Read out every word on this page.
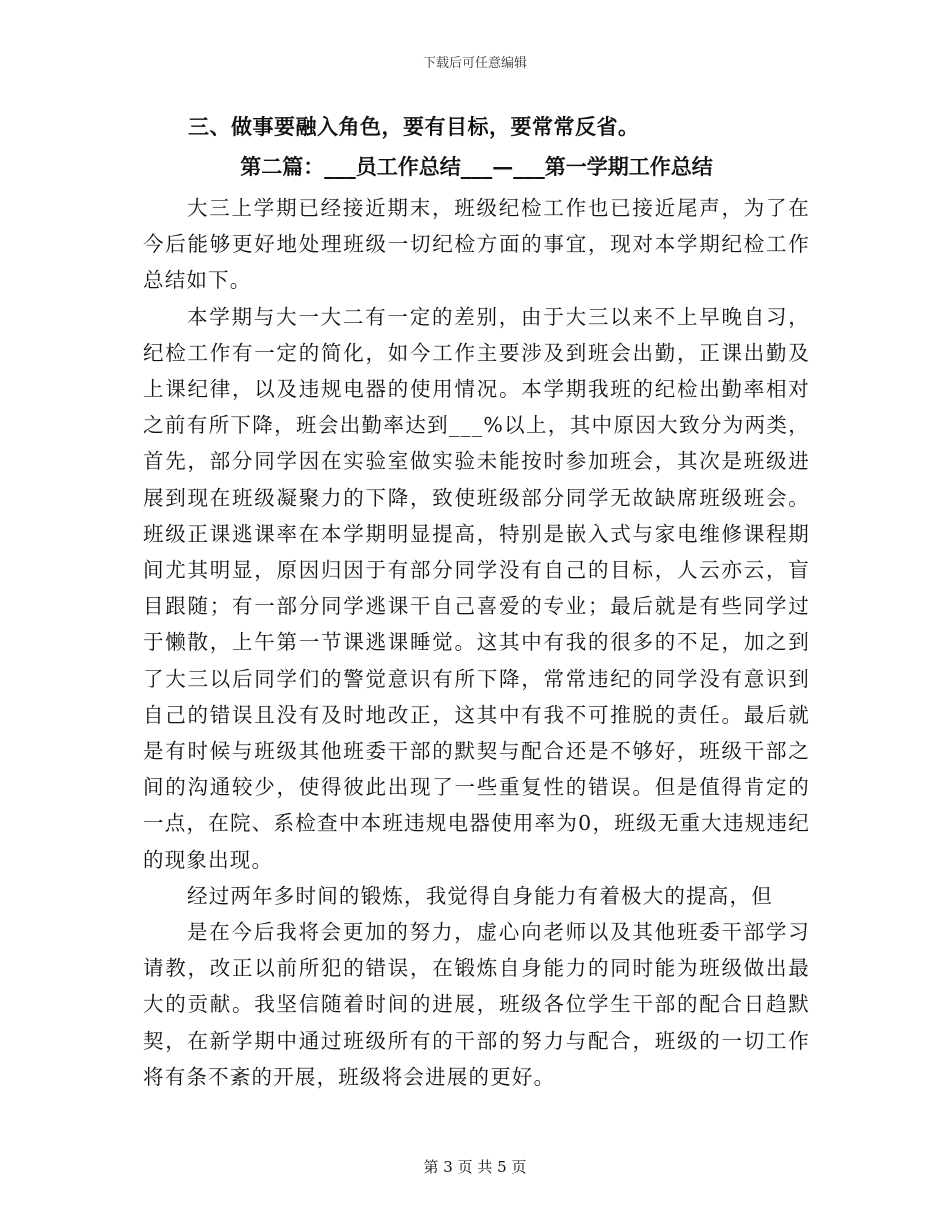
下载后可任意编辑
三、做事要融入角色，要有目标，要常常反省。
第二篇：___员工作总结___—___第一学期工作总结

大三上学期已经接近期末，班级纪检工作也已接近尾声，为了在今后能够更好地处理班级一切纪检方面的事宜，现对本学期纪检工作总结如下。

本学期与大一大二有一定的差别，由于大三以来不上早晚自习，纪检工作有一定的简化，如今工作主要涉及到班会出勤，正课出勤及上课纪律，以及违规电器的使用情况。本学期我班的纪检出勤率相对之前有所下降，班会出勤率达到___%以上，其中原因大致分为两类，首先，部分同学因在实验室做实验未能按时参加班会，其次是班级进展到现在班级凝聚力的下降，致使班级部分同学无故缺席班级班会。班级正课逃课率在本学期明显提高，特别是嵌入式与家电维修课程期间尤其明显，原因归因于有部分同学没有自己的目标，人云亦云，盲目跟随；有一部分同学逃课干自己喜爱的专业；最后就是有些同学过于懒散，上午第一节课逃课睡觉。这其中有我的很多的不足，加之到了大三以后同学们的警觉意识有所下降，常常违纪的同学没有意识到自己的错误且没有及时地改正，这其中有我不可推脱的责任。最后就是有时候与班级其他班委干部的默契与配合还是不够好，班级干部之间的沟通较少，使得彼此出现了一些重复性的错误。但是值得肯定的一点，在院、系检查中本班违规电器使用率为0，班级无重大违规违纪的现象出现。

经过两年多时间的锻炼，我觉得自身能力有着极大的提高，但

是在今后我将会更加的努力，虚心向老师以及其他班委干部学习请教，改正以前所犯的错误，在锻炼自身能力的同时能为班级做出最大的贡献。我坚信随着时间的进展，班级各位学生干部的配合日趋默契，在新学期中通过班级所有的干部的努力与配合，班级的一切工作将有条不紊的开展，班级将会进展的更好。

第 3 页 共 5 页
